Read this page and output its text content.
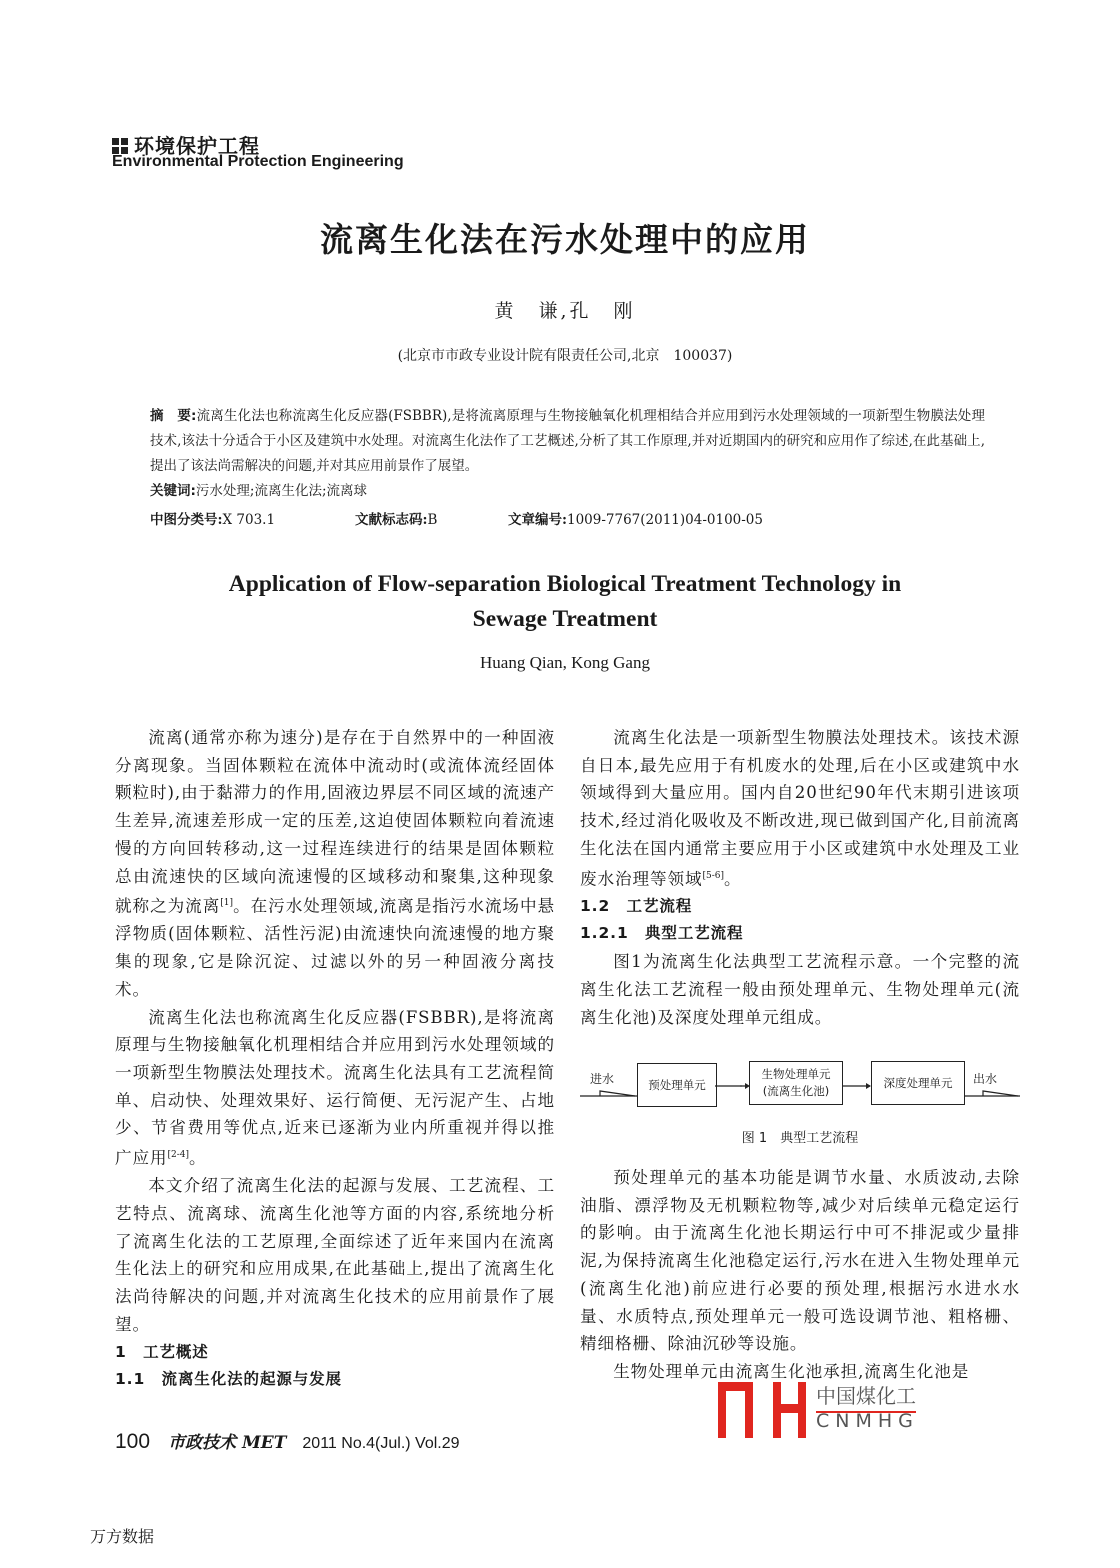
环境保护工程
Environmental Protection Engineering
流离生化法在污水处理中的应用
黄　谦,孔　刚
(北京市市政专业设计院有限责任公司,北京　100037)
摘　要:流离生化法也称流离生化反应器(FSBBR),是将流离原理与生物接触氧化机理相结合并应用到污水处理领域的一项新型生物膜法处理技术,该法十分适合于小区及建筑中水处理。对流离生化法作了工艺概述,分析了其工作原理,并对近期国内的研究和应用作了综述,在此基础上,提出了该法尚需解决的问题,并对其应用前景作了展望。
关键词:污水处理;流离生化法;流离球
中图分类号:X 703.1	文献标志码:B	文章编号:1009-7767(2011)04-0100-05
Application of Flow-separation Biological Treatment Technology in
Sewage Treatment
Huang Qian, Kong Gang

流离(通常亦称为速分)是存在于自然界中的一种固液分离现象。当固体颗粒在流体中流动时(或流体流经固体颗粒时),由于黏滞力的作用,固液边界层不同区域的流速产生差异,流速差形成一定的压差,这迫使固体颗粒向着流速慢的方向回转移动,这一过程连续进行的结果是固体颗粒总由流速快的区域向流速慢的区域移动和聚集,这种现象就称之为流离[1]。在污水处理领域,流离是指污水流场中悬浮物质(固体颗粒、活性污泥)由流速快向流速慢的地方聚集的现象,它是除沉淀、过滤以外的另一种固液分离技术。

流离生化法也称流离生化反应器(FSBBR),是将流离原理与生物接触氧化机理相结合并应用到污水处理领域的一项新型生物膜法处理技术。流离生化法具有工艺流程简单、启动快、处理效果好、运行简便、无污泥产生、占地少、节省费用等优点,近来已逐渐为业内所重视并得以推广应用[2-4]。

本文介绍了流离生化法的起源与发展、工艺流程、工艺特点、流离球、流离生化池等方面的内容,系统地分析了流离生化法的工艺原理,全面综述了近年来国内在流离生化法上的研究和应用成果,在此基础上,提出了流离生化法尚待解决的问题,并对流离生化技术的应用前景作了展望。

1　工艺概述

1.1　流离生化法的起源与发展

流离生化法是一项新型生物膜法处理技术。该技术源自日本,最先应用于有机废水的处理,后在小区或建筑中水领域得到大量应用。国内自20世纪90年代末期引进该项技术,经过消化吸收及不断改进,现已做到国产化,目前流离生化法在国内通常主要应用于小区或建筑中水处理及工业废水治理等领域[5-6]。

1.2　工艺流程

1.2.1　典型工艺流程

图1为流离生化法典型工艺流程示意。一个完整的流离生化法工艺流程一般由预处理单元、生物处理单元(流离生化池)及深度处理单元组成。

进水	预处理单元
生物处理单元
(流离生化池)
深度处理单元	出水
图 1　典型工艺流程

预处理单元的基本功能是调节水量、水质波动,去除油脂、漂浮物及无机颗粒物等,减少对后续单元稳定运行的影响。由于流离生化池长期运行中可不排泥或少量排泥,为保持流离生化池稳定运行,污水在进入生物处理单元(流离生化池)前应进行必要的预处理,根据污水进水水量、水质特点,预处理单元一般可选设调节池、粗格栅、精细格栅、除油沉砂等设施。

生物处理单元由流离生化池承担,流离生化池是

中国煤化工
CNMHG
100 市政技术 MET 2011 No.4(Jul.) Vol.29
万方数据
